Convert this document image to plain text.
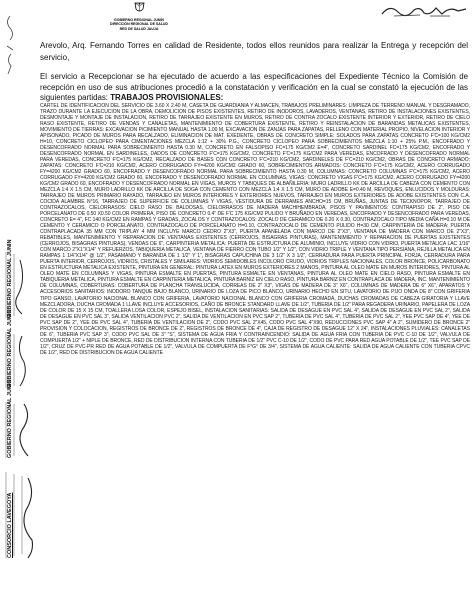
GOBIERNO REGIONAL JUNÍN
DIRECCIÓN REGIONAL DE SALUD
RED DE SALUD JAUJA
Arevolo, Arq. Fernando Torres en calidad de Residente, todos ellos reunidos para realizar la Entrega y recepción del servicio,
El servicio a Recepcionar se ha ejecutado de acuerdo a las especificaciones del Expediente Técnico la Comisión de recepción en uso de sus atribuciones procedió a la constatación y verificación en la cual se constató la ejecución de las siguientes partidas: TRABAJOS PROVISIONALES:
CARTEL DE IDENTIFICACION DEL SERVICIO DE 3.60 X 2.40 M, CASETA DE GUARDIANIA Y ALMACEN, TRABAJOS PRELIMINARES: LIMPIEZA DE TERRENO MANUAL Y DESGRAMADO, TRAZO DURANTE LA EJECUCION DE LA OBRA, DEMOLICION DE PISOS EXISTENTES, RETIRO DE INODOROS, LAVADEROS, VENTANAS, RETIRO DE INSTALACIONES EXISTENTES, DESMONTAJE Y MONTAJE DE INSTALACION, RETIRO DE TARRAJEO EXISTENTE EN MUROS, RETIRO DE CONTRA ZOCALO EXISTENTE INTERIOR Y EXTERIOR, RETIRO DE CIELO RASO EXISTENTE, RETIRO DE VENDAS Y CANALETAS, MANTENIMIENTO DE COBERTURA EXISTENTE, RETIRO Y REINSTALACION DE BARANDAS METALICAS EXISTENTES, MOVIMIENTO DE TIERRAS: EXCAVACION P/CIMIENTO MANUAL HASTA 1.00 M, EXCAVACION DE ZANJAS PARA ZAPATAS, RELLENO CON MATERIAL PROPIO, NIVELACION INTERIOR Y APISONADO, PICADO DE MUROS PARA RECALZADO, ELIMINACION DE MAT. EXEDENTE, OBRAS DE CONCRETO SIMPLE: SOLADOS PARA ZAPATAS CONCRETO F'C=100 KG/CM2 H=10, CONCRETO CICLOPEO PARA CIMENTACIONES MEZCLA 1:12 + 30% P.G., CONCRETO CICLOPEO PARA SOBRECIMIENTOS MEZCLA 1:10 + 25% P.M., ENCOFRADO Y DESENCOFRADO NORMAL PARA SOBRECIMIENTO HASTA 0.30 M, CONCRETO EN FALSOPISO FC=175 KG/CM2 E=4", CONCRETO SARDINEL FC=175 KG/CM2, ENCOFRADO Y DESENCOFRADO NORMAL EN SARDINELES, DADOS DE CONCRETO F'C=175 KG/CM2, CONCRETO F'C=175 KG/CM2 PARA VEREDAS, ENCOFRADO Y DESENCOFRADO NORMAL PARA VEREDAS, CONCRETO F'C=175 KG/CM2, RECALZADO DE BASES CON CONCRETO F'C=210 KG/CM2, SARDINELES DE F'C=210 KG/CM2, OBRAS DE CONCRETO ARMADO: ZAPATAS: CONCRETO F'C=210 KG/CM2, ACERO CORRUGADO FY=4200 KG/CM2 GRADO 60, SOBRECIMIENTOS ARMADOS: CONCRETO F'C=175 KG/CM2, ACERO CORRUGADO FY=4200 KG/CM2 GRADO 60, ENCOFRADO Y DESENCOFRADO NORMAL PARA SOBRECIMIENTO HASTA 0.30 M, COLUMNAS: CONCRETO COLUMNAS F'C=175 KG/CM2, ACERO CORRUGADO FY=4200 KG/CM2 GRADO 60, ENCOFRADO Y DESENCOFRADO NORMAL EN COLUMNAS, VIGAS: CONCRETO VIGAS F'C=175 KG/CM2, ACERO CORRUGADO FY=4200 KG/CM2 GRADO 60, ENCOFRADO Y DESENCOFRADO NORMAL EN VIGAS, MUROS Y TABIQUES DE ALBAÑILERIA: MURO LADRILLO KK DE ARCILLA DE CABEZA CON CEMENTO CON MEZCLA 1:4 X 1.5 CM, MURO LADRILLO KK DE ARCILLA DE SOGA CON CEMENTO CON MEZCLA 1:4 X 1.5 CM, MURO DE ADOBE E=0.40 M, REVOQUES, ENLUCIDOS Y MOLDURAS: TARRAJEO DE MUROS PRIMARIO RAYADO, TARRAJEO EN MUROS INTERIORES Y EXTERIORES NUEVOS, TARRAJEO EN MUROS EXTERIORES DE ADOBE EXISTENTES CON C.A. COCIDA ALAMBRE N°16, TARRAJEO DE SUPERFICIE DE COLUMNAS Y VIGAS, VESTIDURA DE DERRAMES ANCHO=15 CM, BRUÑAS, JUNTAS DE TECKNOPOR, TARRAJEO DE CONTRAZOCALOS, CIELORRASOS: CIELO RASO DE BALDOSAS, CIELORRASOS DE MADERA MACHIHEMBRADA, PISOS Y PAVIMENTOS: CONTRAPISO DE 2", PISO DE PORCELANATO DE 0.50 X0.50 COLOR PRIMERA, PISO DE CONCRETO 0.4" DE F'C 175 KG/CM2 PULIDO Y BRUÑADO EN VEREDAS, ENCOFRADO Y DESENCOFRADO PARA VEREDAS, CONCRETO E= 4", FC 140 KG/CM2 EN RAMPAS Y GRADAS, ZOCALOS Y CONTRAZOCALOS: ZOCALO DE CERAMICO DE 0.20 X 0.30, CONTRAZOCALO TIPO MEDIA CAÑA H=0.10 M DE CEMENTO Y CERAMICO O PORCELANATO, CONTRAZOCALO DE PORCELANATO H=0.10, CONTRAZOCALO DE CEMENTO PULIDO H=30 CM, CARPINTERIA DE MADERA: PUERTA CONTRAPLACADA 35 MM CON TRIPLAY 4 MM INCLUYE MARCO CEDRO 2"X3", PUERTA APANELADA CON MARCO DE 2"X3", VENTANA DE MADERA CON MARCO DE 2"X3", REBATIBLES, MANTENIMIENTO Y REPARACION DE VENTANAS EXISTENTES (CERROJOS, BISAGRAS PINTURAS), MANTENIMIENTO Y REPARACION DE PUERTAS EXISTENTES (CERROJOS, BISAGRAS PINTURAS), VENDAS DE 6", CARPINTERIA METALICA: PUERTA DE ESTRUCTURA DE ALUMINIO, INCLUYE VIDRIO CON VIDRIO, PUERTA METALICA LAC 1/16" CON MARCO 2"X1"X1/4" Y REFUERZOS, TABIQUERIA METALICA, VENTANA DE FIERRO CON TUBO 1/2" Y 1/2", CON VIDRIO TRIPLE Y VENTANA TIPO PERSIANA, REJILLA METALICA EN RAMPAS 1 1/4"X1/4" @ 1/2", PASAMANO Y BARANDA DE 1 1/2" Y 1", BISAGRAS CAPUCHINA DE 3 1/2" X 3 1/2", CERRADURA PARA PUERTA PRINCIPAL FORJA, CERRADURA PARA PUERTA INTERIOR, CERROJOS, VIDRIOS, CRISTALES Y SIMILARES: VIDRIOS SEMIDOBLES INCOLORO CRUDO, VIDRIOS TRIPLES NACIONALES, COLOR BRONCE, POLICARBONATO EN ESTRUCTURA METALICA EXISTENTE, PINTURA EN GENERAL: PINTURA LATEX EN MUROS EXTERIORES 2 MANOS, PINTURA AL OLEO MATE EN MUROS INTERIORES, PINTURA AL OLEO MATE EN COLUMNAS Y VIGAS, PINTURA ESMALTE EN PUERTAS, PINTURA ESMALTE EN VENTANAS, PINTURA AL OLEO MATE EN CIELO RASO, PINTURA ESMALTE EN TABIQUERIA METALICA, PINTURA ESMALTE EN CARPINTERIA METALICA, PINTURA BARNIZ EN CIELO RASO, PINTURA BARNIZ EN CONTRAPLACA DE MADERA, INC. MANTENIMIENTO DE COLUMNAS, COBERTURAS: COBERTURA DE PLANCHA TRANSLUCIDA, CORREAS DE 2" X3", VIGAS DE MADERA DE 3" X6", COLUMNAS DE MADERA DE 6" X6", APARATOS Y ACCESORIOS SANITARIOS: INODORO TANQUE BAJO BLANCO, URINARIO DE LOZA DE PICO BLANCO, URINARIO HECHO EN SITU, LAVATORIO DE PIJO ONDA DE 8" CON GRIFERIA TIPO GANSO, LAVATORIO NACIONAL BLANCO CON GRIFERIA, LAVATORIO NACIONAL BLANCO CON GRIFERIA CROMADA, DUCHAS CROMADAS DE CABEZA GIRATORIA Y LLAVE MEZCLADORA, DUCHA CROMADA 1 LLAVE INCLUYE ACCESORIOS, CAÑO DE BRONCE STANDARD LLAVE DE 1/2", TUBERIA DE 1/2" PARA REGADERA URINARIO, PAPELERA DE LOZA DE COLOR DE 15 X 15 CM, TOALLERA LOSA COLOR, ESPEJO BISEL, INSTALACION SANITARIAS: SALIDA DE DESAGUE EN PVC SAL 4", SALIDA DE DESAGUE EN PVC SAL 2", SALIDA DE DESAGUE EN PVC SAL 3", SALIDA VENTILACION PVC 2", SALIDA DE VENTILACION EN PVC SAP 2", TUBERIA DE PVC SAL 4", TUBERIA DE PVC SAL 2", YEE PVC SAP DE 4", YEE DE PVC SAP DE 2", YEE DE PVC SAL 4", TUBERIA DE VENTILACION DE 2", CODO PVC SAL 2"X45, CODO PVC SAL 4"X90, REDUCCIONES PVC SAP 4" A 2", SUMIDERO DE BRONCE 2" PROVISION Y COLOCACION, REGISTROS DE BRONCE DE 2", REGISTROS DE BRONCE DE 4", CAJA DE REGISTRO DE DESAGUE 12" X 24", INSTALACIONES PLUVIALES: CANALETAS DE 6", TUBERIA PVC SAP 3", CODO PVC SAL DE 3" "S", SISTEMA DE AGUA FRIA Y CONTRAINCENDIO: SALIDA DE AGUA FRIA CON TUBERIA DE PVC C-10 DE 1/2", VALVULA DE COMPUERTA 1/2" + NIPLE DE BRONCE, RED DE DISTRIBUCION INTERNA CON TUBERIA DE 1/2" PVC C-10 DE 1/2", CODO DE PVC PARA RED AGUA POTABLE DE 1/2", TEE PVC SAP DE 1/2", CRUZ DE PVC-PR RED DE AGUA POTABLE DE 1/2", VALVULA DE COMPUERTA DE F°G° DE 3/4", SISTEMA DE AGUA CALIENTE: SALIDA DE AGUA CALIENTE CON TUBERIA CPVC DE 1/2", RED DE DISTRIBUCION DE AGUA CALIENTE
GOBIERNO REGIONAL JUNIN
GOBIERNO REGIONAL JUNIN
GOBIERNO REGIONAL JUNIN
CONSORCIO LAVEGOYA
